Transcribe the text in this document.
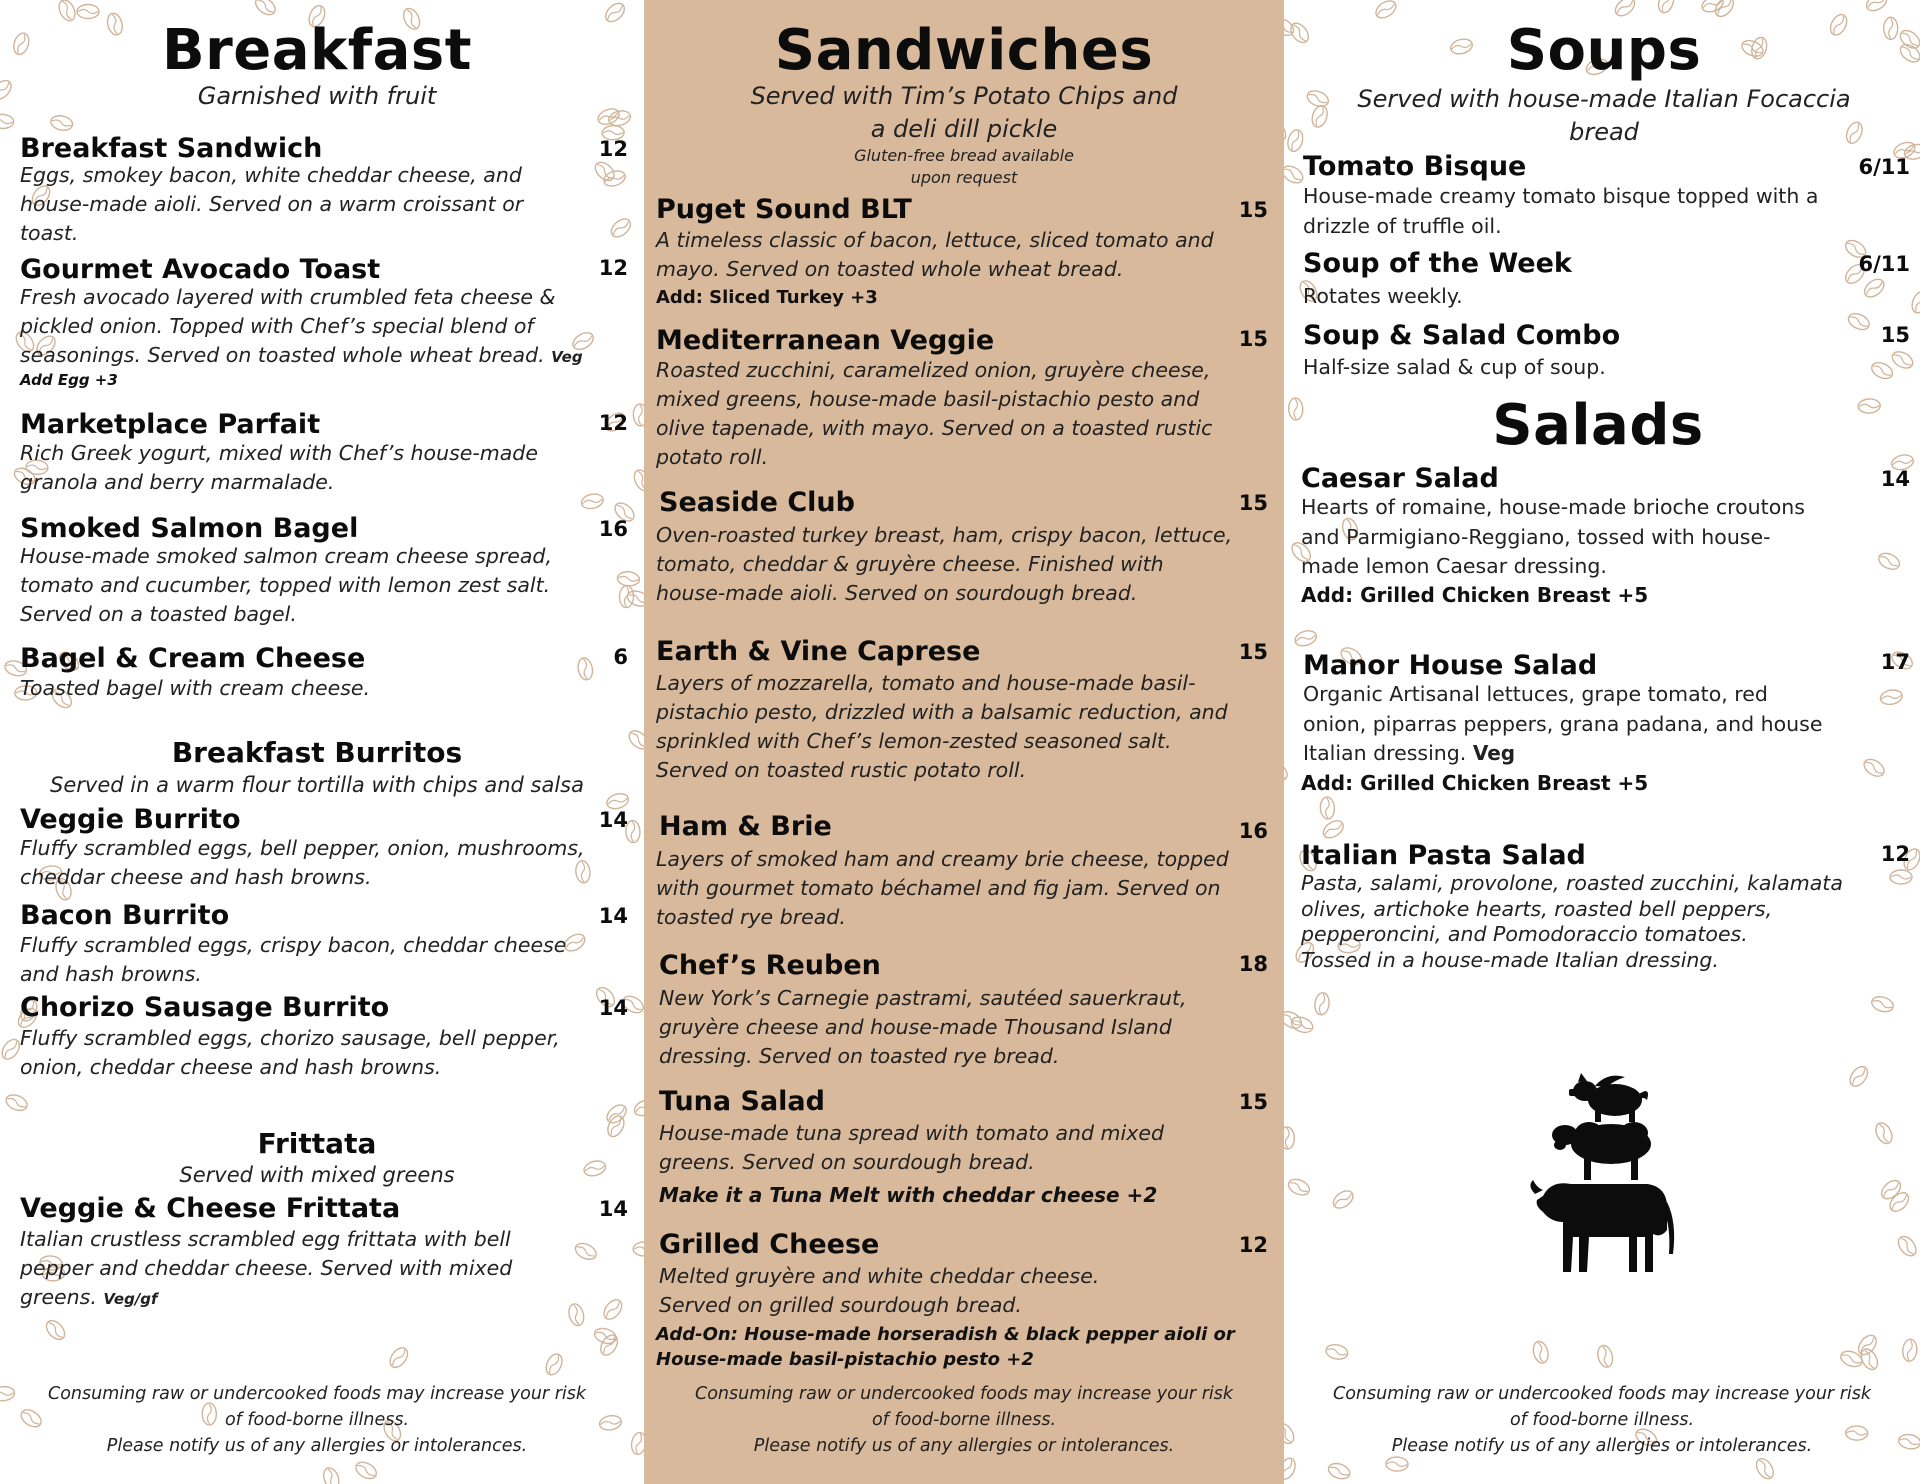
Breakfast
Garnished with fruit
Breakfast Sandwich	12
Eggs, smokey bacon, white cheddar cheese, and
house-made aioli. Served on a warm croissant or
toast.
Gourmet Avocado Toast	12
Fresh avocado layered with crumbled feta cheese &
pickled onion. Topped with Chef’s special blend of
seasonings. Served on toasted whole wheat bread. Veg
Add Egg +3
Marketplace Parfait	12
Rich Greek yogurt, mixed with Chef’s house-made
granola and berry marmalade.
Smoked Salmon Bagel	16
House-made smoked salmon cream cheese spread,
tomato and cucumber, topped with lemon zest salt.
Served on a toasted bagel.
Bagel & Cream Cheese	6
Toasted bagel with cream cheese.
Breakfast Burritos
Served in a warm flour tortilla with chips and salsa
Veggie Burrito	14
Fluffy scrambled eggs, bell pepper, onion, mushrooms,
cheddar cheese and hash browns.
Bacon Burrito	14
Fluffy scrambled eggs, crispy bacon, cheddar cheese
and hash browns.
Chorizo Sausage Burrito	14
Fluffy scrambled eggs, chorizo sausage, bell pepper,
onion, cheddar cheese and hash browns.
Frittata
Served with mixed greens
Veggie & Cheese Frittata	14
Italian crustless scrambled egg frittata with bell
pepper and cheddar cheese. Served with mixed
greens. Veg/gf
Consuming raw or undercooked foods may increase your risk
of food-borne illness.
Please notify us of any allergies or intolerances.
Sandwiches
Served with Tim’s Potato Chips and
a deli dill pickle
Gluten-free bread available
upon request
Puget Sound BLT	15
A timeless classic of bacon, lettuce, sliced tomato and
mayo. Served on toasted whole wheat bread.
Add: Sliced Turkey +3
Mediterranean Veggie	15
Roasted zucchini, caramelized onion, gruyère cheese,
mixed greens, house-made basil-pistachio pesto and
olive tapenade, with mayo. Served on a toasted rustic
potato roll.
Seaside Club	15
Oven-roasted turkey breast, ham, crispy bacon, lettuce,
tomato, cheddar & gruyère cheese. Finished with
house-made aioli. Served on sourdough bread.
Earth & Vine Caprese	15
Layers of mozzarella, tomato and house-made basil-
pistachio pesto, drizzled with a balsamic reduction, and
sprinkled with Chef’s lemon-zested seasoned salt.
Served on toasted rustic potato roll.
Ham & Brie	16
Layers of smoked ham and creamy brie cheese, topped
with gourmet tomato béchamel and fig jam. Served on
toasted rye bread.
Chef’s Reuben	18
New York’s Carnegie pastrami, sautéed sauerkraut,
gruyère cheese and house-made Thousand Island
dressing. Served on toasted rye bread.
Tuna Salad	15
House-made tuna spread with tomato and mixed
greens. Served on sourdough bread.
Make it a Tuna Melt with cheddar cheese +2
Grilled Cheese	12
Melted gruyère and white cheddar cheese.
Served on grilled sourdough bread.
Add-On: House-made horseradish & black pepper aioli or
House-made basil-pistachio pesto +2
Consuming raw or undercooked foods may increase your risk
of food-borne illness.
Please notify us of any allergies or intolerances.
Soups
Served with house-made Italian Focaccia
bread
Tomato Bisque	6/11
House-made creamy tomato bisque topped with a
drizzle of truffle oil.
Soup of the Week	6/11
Rotates weekly.
Soup & Salad Combo	15
Half-size salad & cup of soup.
Salads
Caesar Salad	14
Hearts of romaine, house-made brioche croutons
and Parmigiano-Reggiano, tossed with house-
made lemon Caesar dressing.
Add: Grilled Chicken Breast +5
Manor House Salad	17
Organic Artisanal lettuces, grape tomato, red
onion, piparras peppers, grana padana, and house
Italian dressing. Veg
Add: Grilled Chicken Breast +5
Italian Pasta Salad	12
Pasta, salami, provolone, roasted zucchini, kalamata
olives, artichoke hearts, roasted bell peppers,
pepperoncini, and Pomodoraccio tomatoes.
Tossed in a house-made Italian dressing.
Consuming raw or undercooked foods may increase your risk
of food-borne illness.
Please notify us of any allergies or intolerances.
